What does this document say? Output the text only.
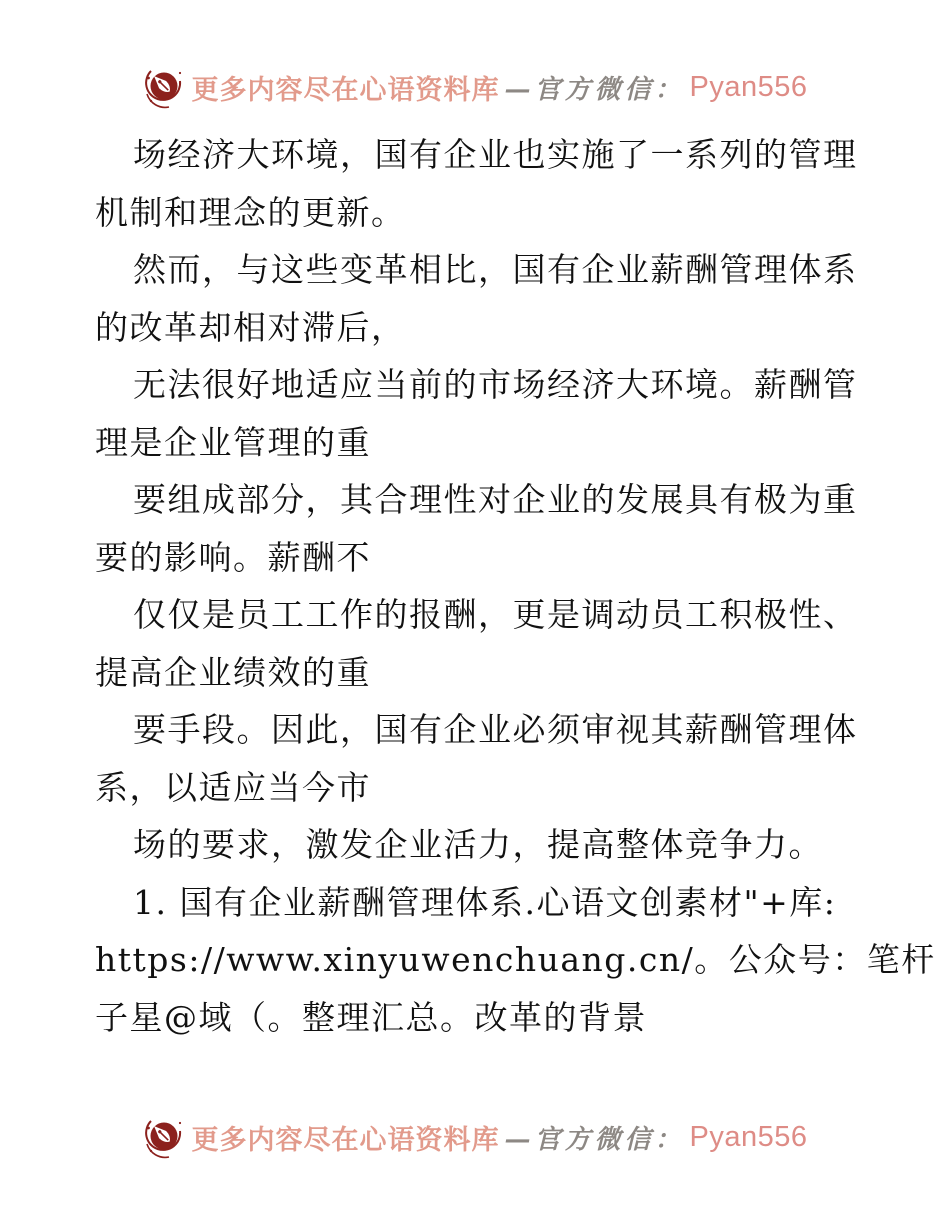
更多内容尽在心语资料库 —官方微信： Pyan556
场经济大环境，国有企业也实施了一系列的管理
机制和理念的更新。
然而，与这些变革相比，国有企业薪酬管理体系
的改革却相对滞后，
无法很好地适应当前的市场经济大环境。薪酬管
理是企业管理的重
要组成部分，其合理性对企业的发展具有极为重
要的影响。薪酬不
仅仅是员工工作的报酬，更是调动员工积极性、
提高企业绩效的重
要手段。因此，国有企业必须审视其薪酬管理体
系，以适应当今市
场的要求，激发企业活力，提高整体竞争力。
1. 国有企业薪酬管理体系.心语文创素材"+库:
https://www.xinyuwenchuang.cn/。公众号：笔杆
子星@域（。整理汇总。改革的背景
更多内容尽在心语资料库 —官方微信： Pyan556
